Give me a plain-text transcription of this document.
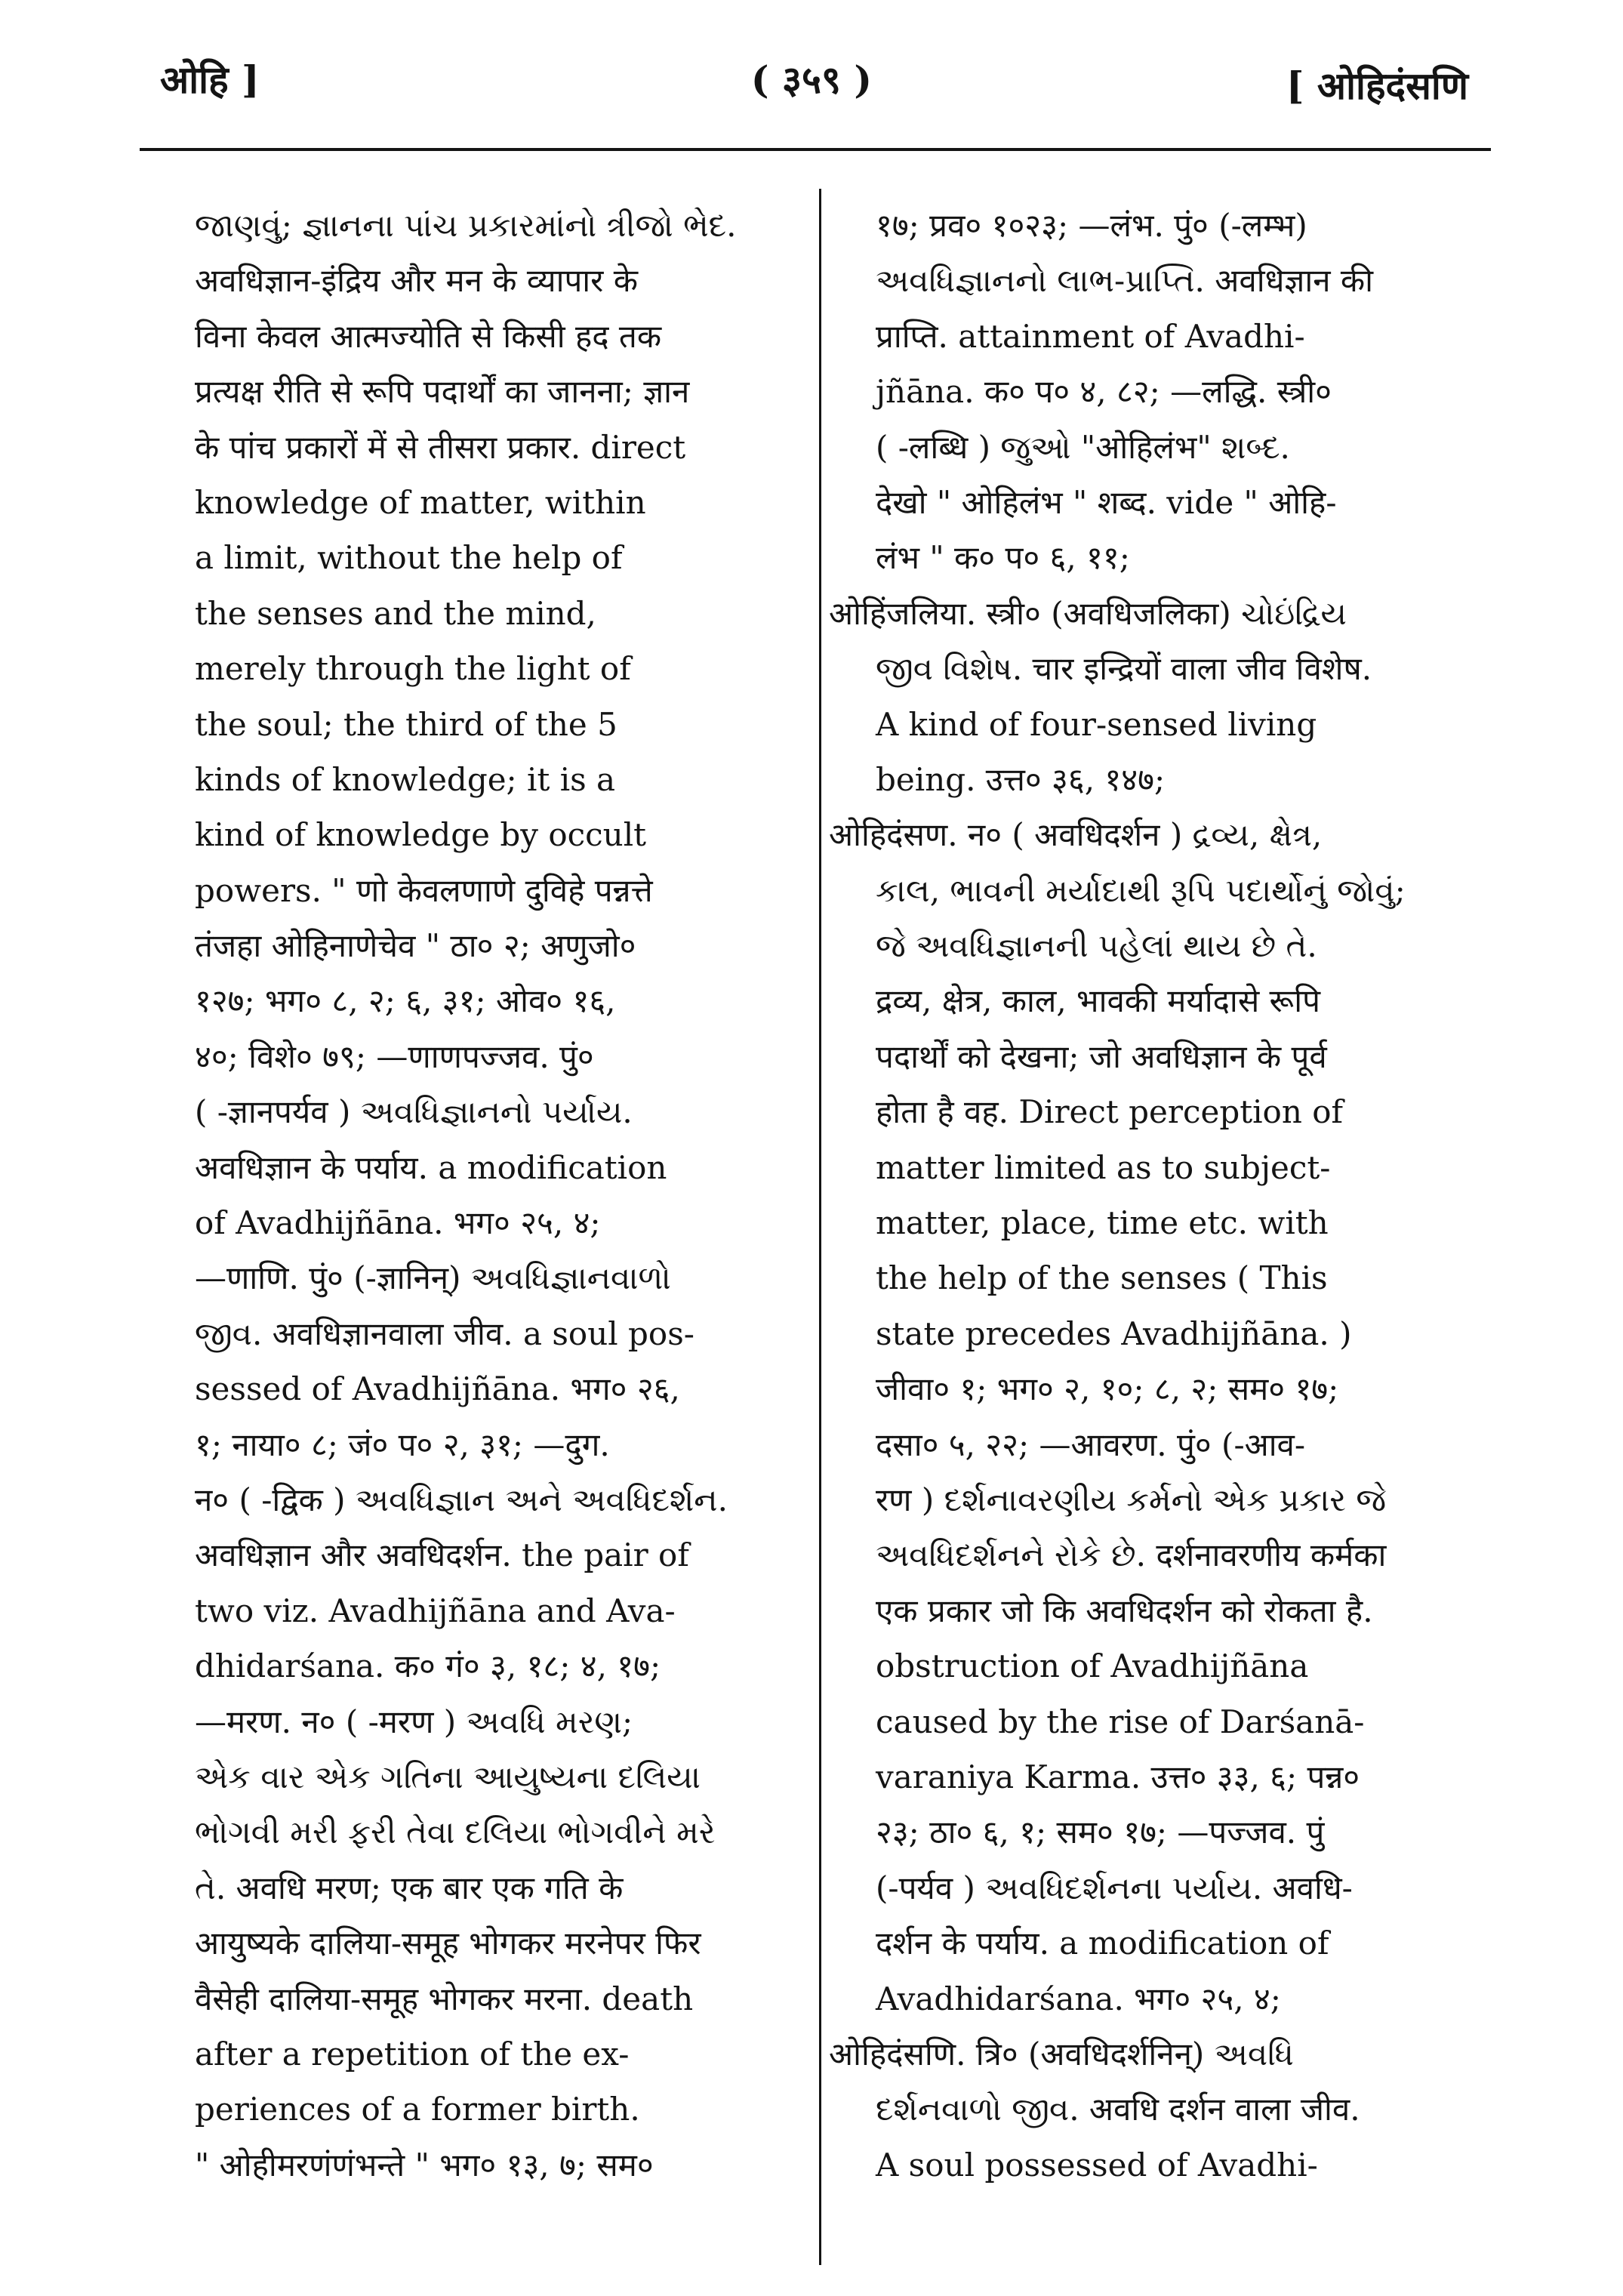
ओहि ]	( ३५९ )	[ ओहिदंसणि
જાણવું; જ્ઞાનના પાંચ પ્રકારમાંનો ત્રીજો ભેદ.
अवधिज्ञान-इंद्रिय और मन के व्यापार के
विना केवल आत्मज्योति से किसी हद तक
प्रत्यक्ष रीति से रूपि पदार्थों का जानना; ज्ञान
के पांच प्रकारों में से तीसरा प्रकार. direct
knowledge of matter, within
a limit, without the help of
the senses and the mind,
merely through the light of
the soul; the third of the 5
kinds of knowledge; it is a
kind of knowledge by occult
powers. " णो केवलणाणे दुविहे पन्नत्ते
तंजहा ओहिनाणेचेव " ठा० २; अणुजो०
१२७; भग० ८, २; ६, ३१; ओव० १६,
४०; विशे० ७९; —णाणपज्जव. पुं०
( -ज्ञानपर्यव ) અવધિજ્ઞાનનો પર્યાય.
अवधिज्ञान के पर्याय. a modification
of Avadhijñāna. भग० २५, ४;
—णाणि. पुं० (-ज्ञानिन्) અવધિજ્ઞાનવાળો
જીવ. अवधिज्ञानवाला जीव. a soul pos-
sessed of Avadhijñāna. भग० २६,
१; नाया० ८; जं० प० २, ३१; —दुग.
न० ( -द्विक ) અવધિજ્ઞાન અને અવધિદર્શન.
अवधिज्ञान और अवधिदर्शन. the pair of
two viz. Avadhijñāna and Ava-
dhidarśana. क० गं० ३, १८; ४, १७;
—मरण. न० ( -मरण ) અવધિ મરણ;
એક વાર એક ગતિના આયુષ્યના દલિયા
ભોગવી મરી ફરી તેવા દલિયા ભોગવીને મરે
તે. अवधि मरण; एक बार एक गति के
आयुष्यके दालिया-समूह भोगकर मरनेपर फिर
वैसेही दालिया-समूह भोगकर मरना. death
after a repetition of the ex-
periences of a former birth.
" ओहीमरणंणंभन्ते " भग० १३, ७; सम०
१७; प्रव० १०२३; —लंभ. पुं० (-लम्भ)
અવધિજ્ઞાનનો લાભ-પ્રાપ્તિ. अवधिज्ञान की
प्राप्ति. attainment of Avadhi-
jñāna. क० प० ४, ८२; —लद्धि. स्त्री०
( -लब्धि ) જુઓ "ओहिलंभ" શબ્દ.
देखो " ओहिलंभ " शब्द. vide " ओहि-
लंभ " क० प० ६, ११;
ओहिंजलिया. स्त्री० (अवधिजलिका) ચોઇંદ્રિય
જીવ વિશેષ. चार इन्द्रियों वाला जीव विशेष.
A kind of four-sensed living
being. उत्त० ३६, १४७;
ओहिदंसण. न० ( अवधिदर्शन ) દ્રવ્ય, ક્ષેત્ર,
કાલ, ભાવની મર્યાદાથી રૂપિ પદાર્થોનું જોવું;
જે અવધિજ્ઞાનની પહેલાં થાય છે તે.
द्रव्य, क्षेत्र, काल, भावकी मर्यादासे रूपि
पदार्थों को देखना; जो अवधिज्ञान के पूर्व
होता है वह. Direct perception of
matter limited as to subject-
matter, place, time etc. with
the help of the senses ( This
state precedes Avadhijñāna. )
जीवा० १; भग० २, १०; ८, २; सम० १७;
दसा० ५, २२; —आवरण. पुं० (-आव-
रण ) દર્શનાવરણીય કર્મનો એક પ્રકાર જે
અવધિદર્શનને રોકે છે. दर्शनावरणीय कर्मका
एक प्रकार जो कि अवधिदर्शन को रोकता है.
obstruction of Avadhijñāna
caused by the rise of Darśanā-
varaniya Karma. उत्त० ३३, ६; पन्न०
२३; ठा० ६, १; सम० १७; —पज्जव. पुं
(-पर्यव ) અવધિદર્શનના પર્યાય. अवधि-
दर्शन के पर्याय. a modification of
Avadhidarśana. भग० २५, ४;
ओहिदंसणि. त्रि० (अवधिदर्शनिन्) અવધિ
દર્શનવાળો જીવ. अवधि दर्शन वाला जीव.
A soul possessed of Avadhi-
